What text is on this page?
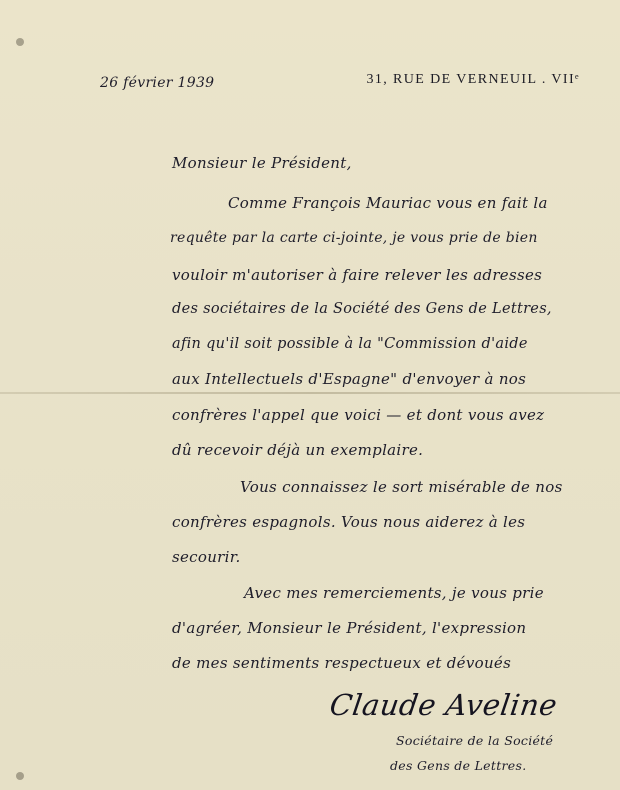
26 février 1939	31, RUE DE VERNEUIL . VIIᵉ
Monsieur le Président,
Comme François Mauriac vous en fait la
requête par la carte ci-jointe, je vous prie de bien
vouloir m'autoriser à faire relever les adresses
des sociétaires de la Société des Gens de Lettres,
afin qu'il soit possible à la "Commission d'aide
aux Intellectuels d'Espagne" d'envoyer à nos
confrères l'appel que voici — et dont vous avez
dû recevoir déjà un exemplaire.
Vous connaissez le sort misérable de nos
confrères espagnols. Vous nous aiderez à les
secourir.
Avec mes remerciements, je vous prie
d'agréer, Monsieur le Président, l'expression
de mes sentiments respectueux et dévoués
Claude Aveline
Sociétaire de la Société
des Gens de Lettres.
